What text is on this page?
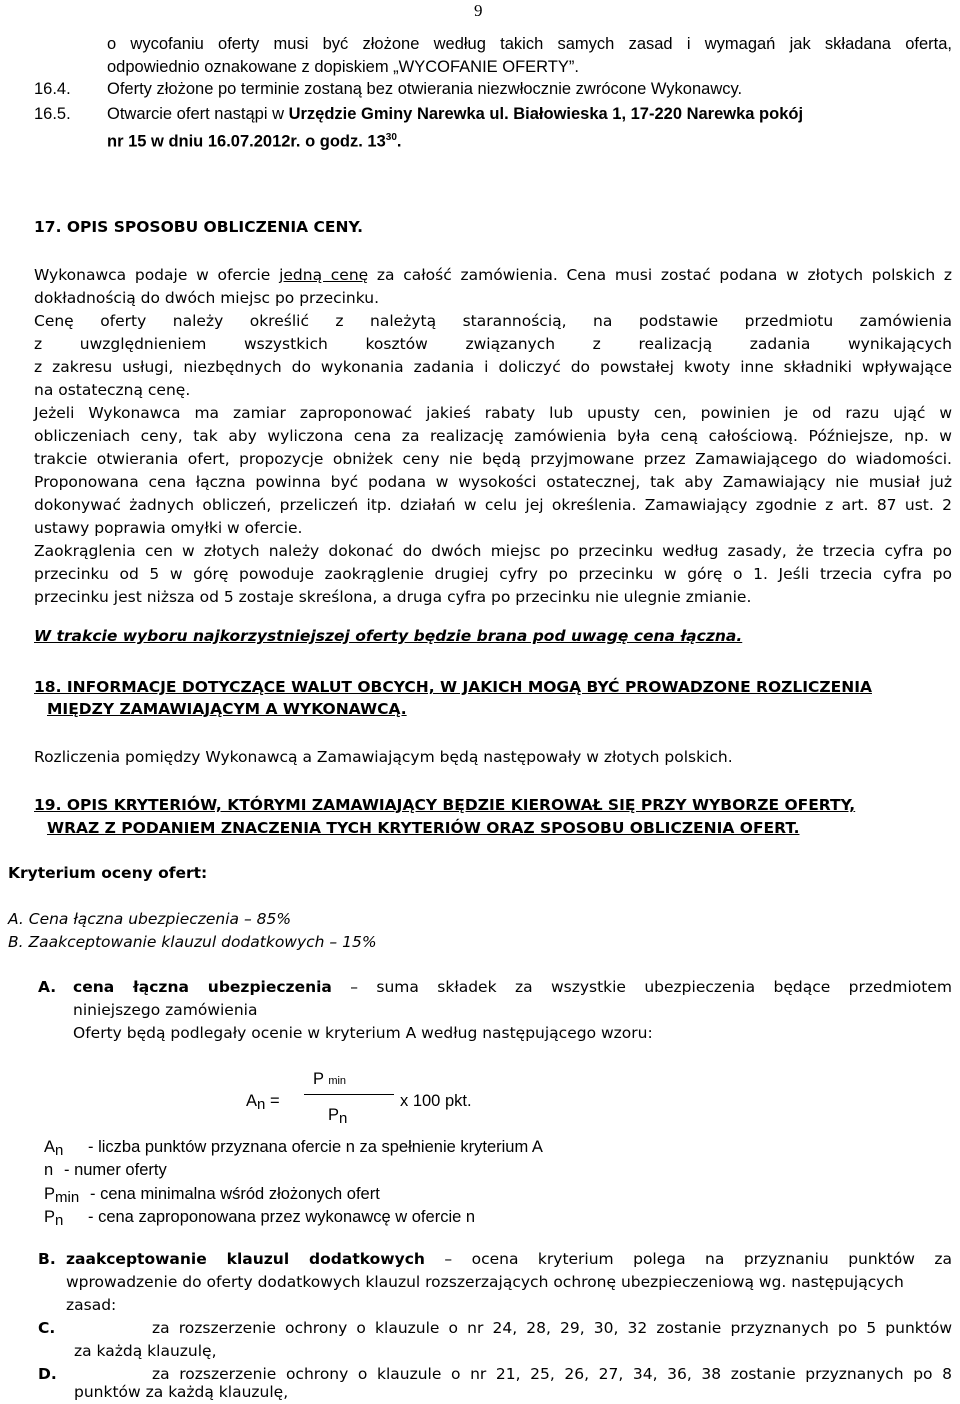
9
o wycofaniu oferty musi być złożone według takich samych zasad i wymagań jak składana oferta,
odpowiednio oznakowane z dopiskiem „WYCOFANIE OFERTY”.
16.4. Oferty złożone po terminie zostaną bez otwierania niezwłocznie zwrócone Wykonawcy.
16.5. Otwarcie ofert nastąpi w Urzędzie Gminy Narewka ul. Białowieska 1, 17-220 Narewka pokój
nr 15 w dniu 16.07.2012r. o godz. $13^{30}$.
17. OPIS SPOSOBU OBLICZENIA CENY.
Wykonawca podaje w ofercie jedną cenę za całość zamówienia. Cena musi zostać podana w złotych polskich z
dokładnością do dwóch miejsc po przecinku.
Cenę oferty należy określić z należytą starannością, na podstawie przedmiotu zamówienia
z uwzględnieniem wszystkich kosztów związanych z realizacją zadania wynikających
z zakresu usługi, niezbędnych do wykonania zadania i doliczyć do powstałej kwoty inne składniki wpływające
na ostateczną cenę.
Jeżeli Wykonawca ma zamiar zaproponować jakieś rabaty lub upusty cen, powinien je od razu ująć w
obliczeniach ceny, tak aby wyliczona cena za realizację zamówienia była ceną całościową. Późniejsze, np. w
trakcie otwierania ofert, propozycje obniżek ceny nie będą przyjmowane przez Zamawiającego do wiadomości.
Proponowana cena łączna powinna być podana w wysokości ostatecznej, tak aby Zamawiający nie musiał już
dokonywać żadnych obliczeń, przeliczeń itp. działań w celu jej określenia. Zamawiający zgodnie z art. 87 ust. 2
ustawy poprawia omyłki w ofercie.
Zaokrąglenia cen w złotych należy dokonać do dwóch miejsc po przecinku według zasady, że trzecia cyfra po
przecinku od 5 w górę powoduje zaokrąglenie drugiej cyfry po przecinku w górę o 1. Jeśli trzecia cyfra po
przecinku jest niższa od 5 zostaje skreślona, a druga cyfra po przecinku nie ulegnie zmianie.
W trakcie wyboru najkorzystniejszej oferty będzie brana pod uwagę cena łączna.
18. INFORMACJE DOTYCZĄCE WALUT OBCYCH, W JAKICH MOGĄ BYĆ PROWADZONE ROZLICZENIA
MIĘDZY ZAMAWIAJĄCYM A WYKONAWCĄ.
Rozliczenia pomiędzy Wykonawcą a Zamawiającym będą następowały w złotych polskich.
19. OPIS KRYTERIÓW, KTÓRYMI ZAMAWIAJĄCY BĘDZIE KIEROWAŁ SIĘ PRZY WYBORZE OFERTY,
WRAZ Z PODANIEM ZNACZENIA TYCH KRYTERIÓW ORAZ SPOSOBU OBLICZENIA OFERT.
Kryterium oceny ofert:
A. Cena łączna ubezpieczenia – 85%
B. Zaakceptowanie klauzul dodatkowych – 15%
A. cena łączna ubezpieczenia – suma składek za wszystkie ubezpieczenia będące przedmiotem
niniejszego zamówienia
Oferty będą podlegały ocenie w kryterium A według następującego wzoru:
P min
An =	x 100 pkt.
Pn
An - liczba punktów przyznana ofercie n za spełnienie kryterium A
n - numer oferty
Pmin - cena minimalna wśród złożonych ofert
Pn - cena zaproponowana przez wykonawcę w ofercie n
B. zaakceptowanie klauzul dodatkowych – ocena kryterium polega na przyznaniu punktów za
wprowadzenie do oferty dodatkowych klauzul rozszerzających ochronę ubezpieczeniową wg. następujących
zasad:
C.	za rozszerzenie ochrony o klauzule o nr 24, 28, 29, 30, 32 zostanie przyznanych po 5 punktów
za każdą klauzulę,
D.	za rozszerzenie ochrony o klauzule o nr 21, 25, 26, 27, 34, 36, 38 zostanie przyznanych po 8
punktów za każdą klauzulę,
